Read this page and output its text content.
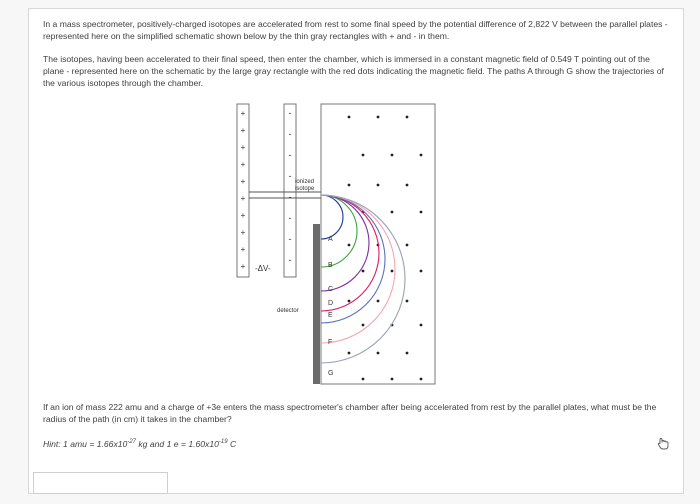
In a mass spectrometer, positively-charged isotopes are accelerated from rest to some final speed by the potential difference of 2,822 V between the parallel plates - represented here on the simplified schematic shown below by the thin gray rectangles with + and - in them.
The isotopes, having been accelerated to their final speed, then enter the chamber, which is immersed in a constant magnetic field of 0.549 T pointing out of the plane - represented here on the schematic by the large gray rectangle with the red dots indicating the magnetic field. The paths A through G show the trajectories of the various isotopes through the chamber.
+
+
+
+
+
+
+
+
+
+
-
-
-
-
-
-
-
-
-ΔV-
ionized
isotope
detector
A
B
C
D
E
F
G
If an ion of mass 222 amu and a charge of +3e enters the mass spectrometer's chamber after being accelerated from rest by the parallel plates, what must be the radius of the path (in cm) it takes in the chamber?
Hint: 1 amu = $1.66x10^{-27}$ kg and 1 $e = 1.60x10^{-19}$ C
